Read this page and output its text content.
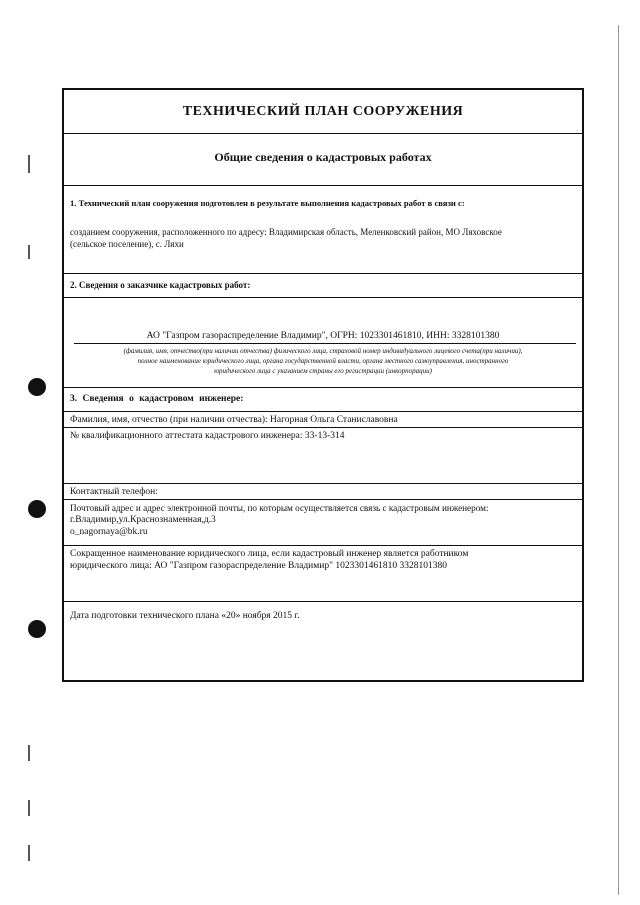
ТЕХНИЧЕСКИЙ ПЛАН СООРУЖЕНИЯ
Общие сведения о кадастровых работах
1. Технический план сооружения подготовлен в результате выполнения кадастровых работ в связи с:
созданием сооружения, расположенного по адресу: Владимирская область, Меленковский район, МО Ляховское
(сельское поселение), с. Ляхи
2. Сведения о заказчике кадастровых работ:
АО "Газпром газораспределение Владимир", ОГРН: 1023301461810, ИНН: 3328101380
(фамилия, имя, отчество(при наличии отчества) физического лица, страховой номер индивидуального лицевого счета(при наличии),
полное наименование юридического лица, органа государственной власти, органа местного самоуправления, иностранного
юридического лица с указанием страны его регистрации (инкорпорации)
3. Сведения о кадастровом инженере:
Фамилия, имя, отчество (при наличии отчества): Нагорная Ольга Станиславовна
№ квалификационного аттестата кадастрового инженера: 33-13-314
Контактный телефон:
Почтовый адрес и адрес электронной почты, по которым осуществляется связь с кадастровым инженером:
г.Владимир,ул.Краснознаменная,д.3
o_nagornaya@bk.ru
Сокращенное наименование юридического лица, если кадастровый инженер является работником
юридического лица: АО "Газпром газораспределение Владимир" 1023301461810 3328101380
Дата подготовки технического плана «20» ноября 2015 г.
